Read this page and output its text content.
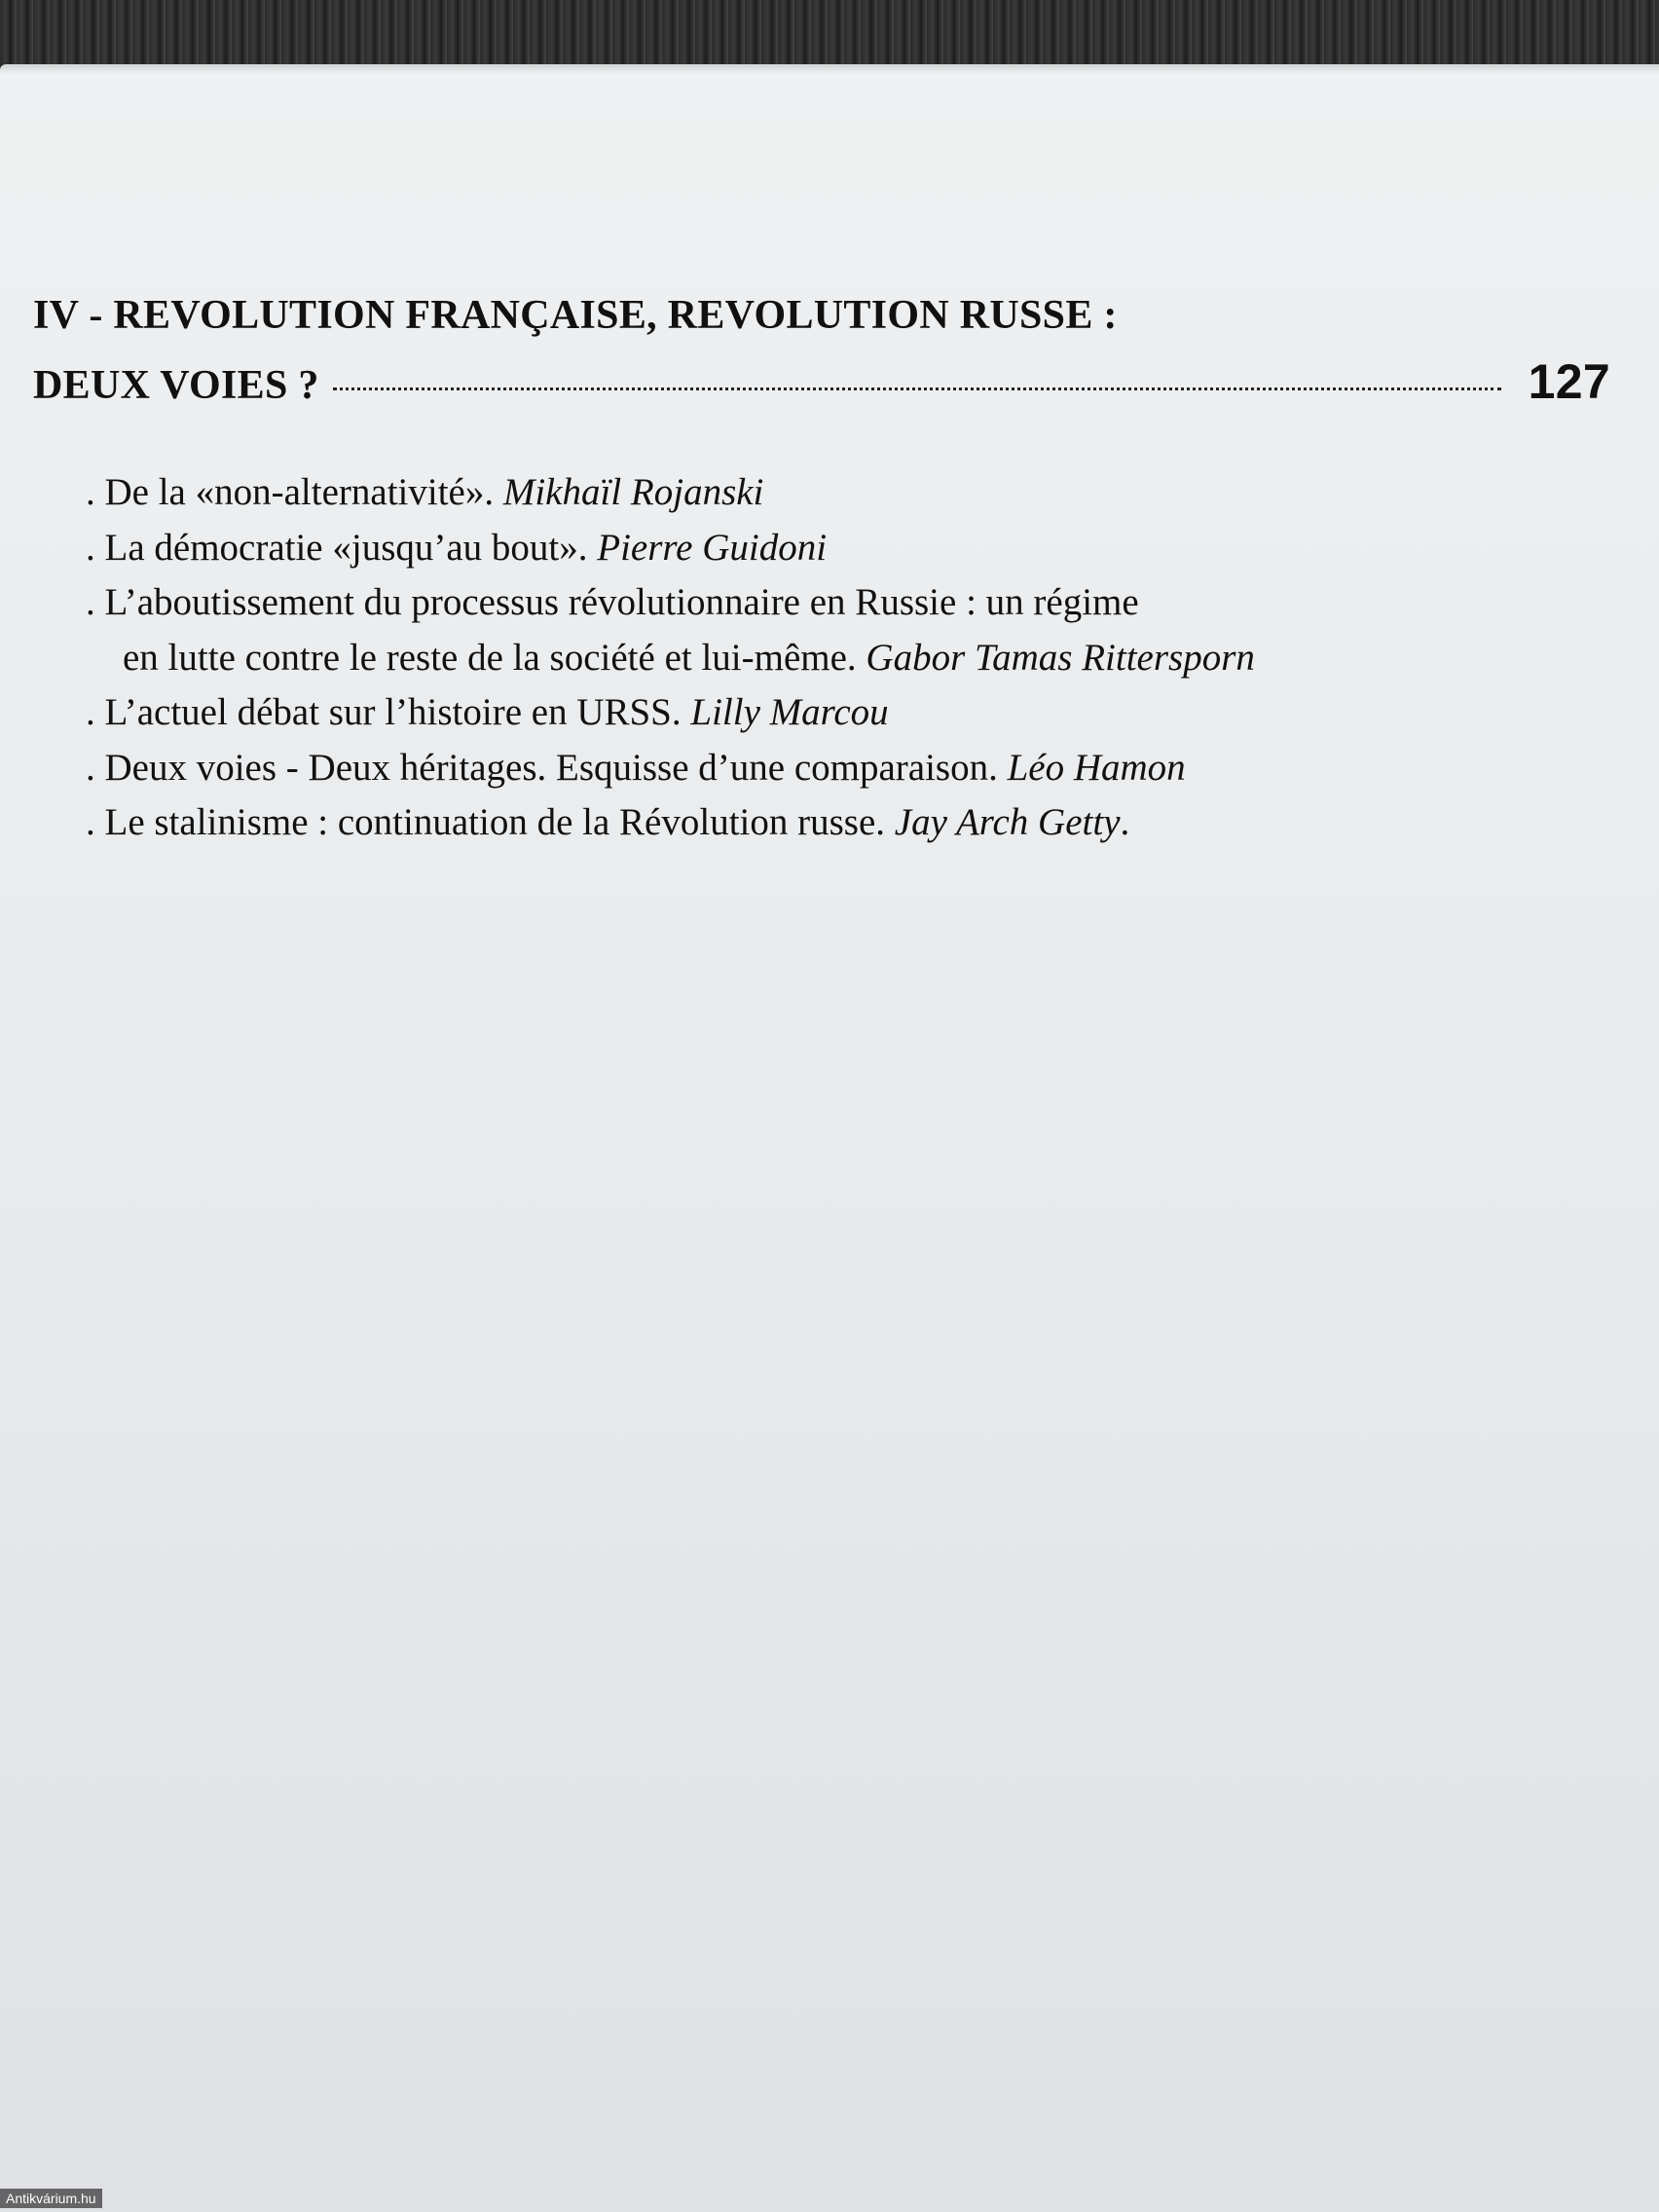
IV - REVOLUTION FRANÇAISE, REVOLUTION RUSSE :
DEUX VOIES ?	127
. De la «non-alternativité». Mikhaïl Rojanski
. La démocratie «jusqu’au bout». Pierre Guidoni
. L’aboutissement du processus révolutionnaire en Russie : un régime
en lutte contre le reste de la société et lui-même. Gabor Tamas Rittersporn
. L’actuel débat sur l’histoire en URSS. Lilly Marcou
. Deux voies - Deux héritages. Esquisse d’une comparaison. Léo Hamon
. Le stalinisme : continuation de la Révolution russe. Jay Arch Getty.
Antikvárium.hu
